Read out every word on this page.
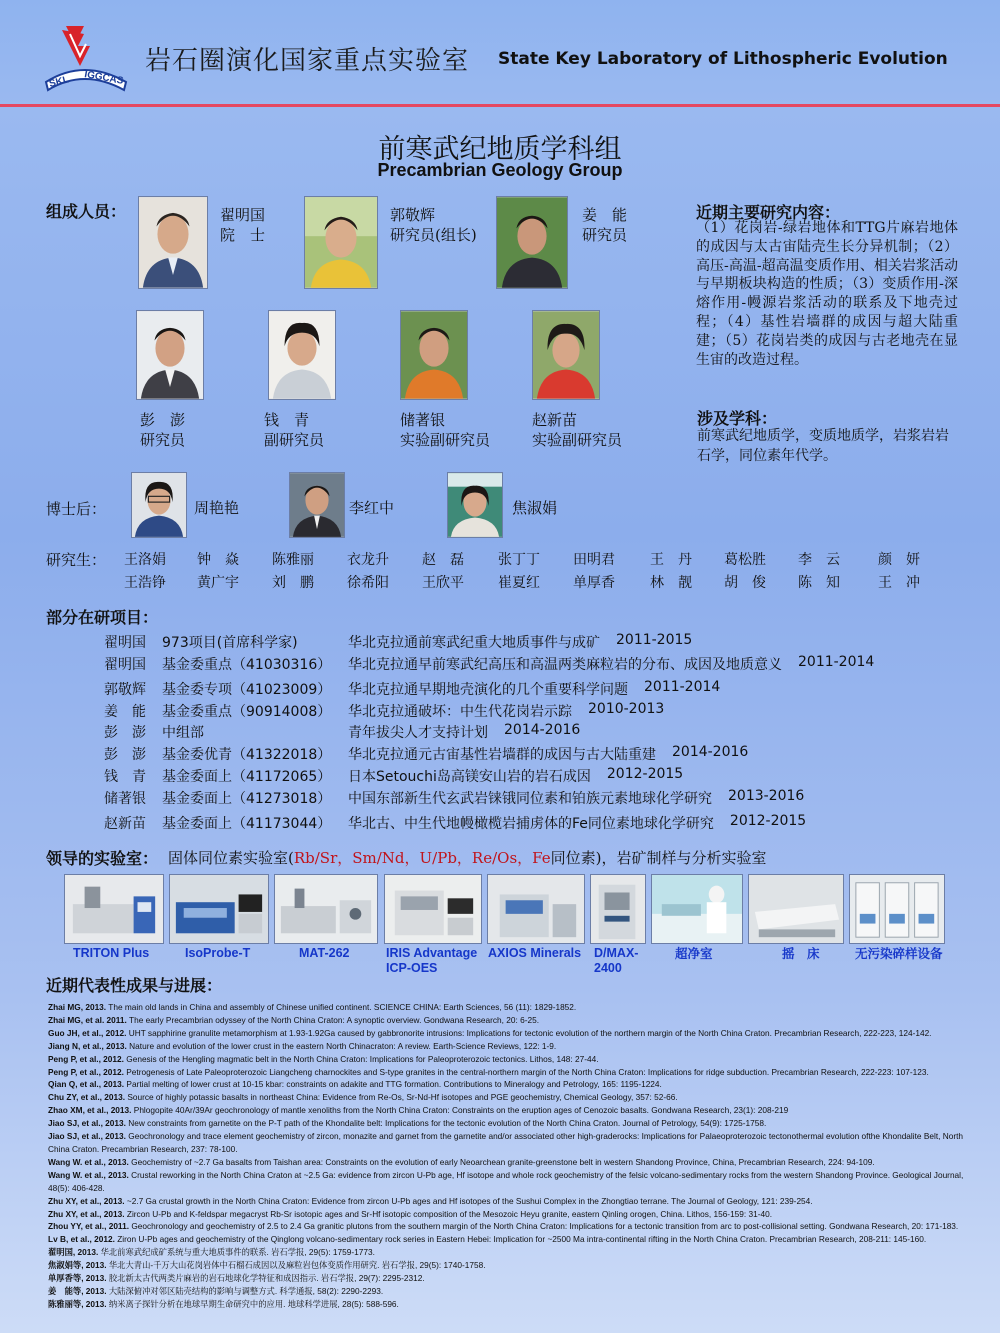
SKL IGGCAS
岩石圈演化国家重点实验室 State Key Laboratory of Lithospheric Evolution
前寒武纪地质学科组
Precambrian Geology Group
组成人员：	翟明国
院　士
郭敬辉
研究员(组长)
姜　能
研究员
彭　澎
研究员
钱　青
副研究员
储著银
实验副研究员
赵新苗
实验副研究员
近期主要研究内容：
（1）花岗岩-绿岩地体和TTG片麻岩地体的成因与太古宙陆壳生长分异机制；（2）高压-高温-超高温变质作用、相关岩浆活动与早期板块构造的性质；（3）变质作用-深熔作用-幔源岩浆活动的联系及下地壳过程；（4）基性岩墙群的成因与超大陆重建；（5）花岗岩类的成因与古老地壳在显生宙的改造过程。
涉及学科：
前寒武纪地质学，变质地质学，岩浆岩岩石学，同位素年代学。
博士后：	周艳艳	李红中	焦淑娟
研究生： 王洛娟 钟　焱 陈雅丽 衣龙升 赵　磊 张丁丁 田明君	王　丹 葛松胜 李　云	颜　妍
王浩铮 黄广宇 刘　鹏 徐希阳 王欣平 崔夏红 单厚香	林　靓 胡　俊 陈　知	王　冲
部分在研项目：
翟明国 973项目(首席科学家)	华北克拉通前寒武纪重大地质事件与成矿 2011-2015
翟明国 基金委重点（41030316） 华北克拉通早前寒武纪高压和高温两类麻粒岩的分布、成因及地质意义 2011-2014
郭敬辉 基金委专项（41023009） 华北克拉通早期地壳演化的几个重要科学问题 2011-2014
姜　能 基金委重点（90914008） 华北克拉通破坏：中生代花岗岩示踪 2010-2013
彭　澎 中组部	青年拔尖人才支持计划 2014-2016
彭　澎 基金委优青（41322018） 华北克拉通元古宙基性岩墙群的成因与古大陆重建 2014-2016
钱　青 基金委面上（41172065） 日本Setouchi岛高镁安山岩的岩石成因 2012-2015
储著银 基金委面上（41273018） 中国东部新生代玄武岩铼锇同位素和铂族元素地球化学研究 2013-2016
赵新苗 基金委面上（41173044） 华北古、中生代地幔橄榄岩捕虏体的Fe同位素地球化学研究 2012-2015
领导的实验室： 固体同位素实验室(Rb/Sr，Sm/Nd，U/Pb，Re/Os，Fe同位素)，岩矿制样与分析实验室
TRITON Plus	IsoProbe-T	MAT-262	IRIS Advantage ICP-OES
AXIOS Minerals D/MAX-2400
超净室	摇　床	无污染碎样设备
近期代表性成果与进展：
Zhai MG, 2013. The main old lands in China and assembly of Chinese unified continent. SCIENCE CHINA: Earth Sciences, 56 (11): 1829-1852.
Zhai MG, et al. 2011. The early Precambrian odyssey of the North China Craton: A synoptic overview. Gondwana Research, 20: 6-25.
Guo JH, et al., 2012. UHT sapphirine granulite metamorphism at 1.93-1.92Ga caused by gabbronorite intrusions: Implications for tectonic evolution of the northern margin of the North China Craton. Precambrian Research, 222-223, 124-142.
Jiang N, et al., 2013. Nature and evolution of the lower crust in the eastern North Chinacraton: A review. Earth-Science Reviews, 122: 1-9.
Peng P, et al., 2012. Genesis of the Hengling magmatic belt in the North China Craton: Implications for Paleoproterozoic tectonics. Lithos, 148: 27-44.
Peng P, et al., 2012. Petrogenesis of Late Paleoproterozoic Liangcheng charnockites and S-type granites in the central-northern margin of the North China Craton: Implications for ridge subduction. Precambrian Research, 222-223: 107-123.
Qian Q, et al., 2013. Partial melting of lower crust at 10-15 kbar: constraints on adakite and TTG formation. Contributions to Mineralogy and Petrology, 165: 1195-1224.
Chu ZY, et al., 2013. Source of highly potassic basalts in northeast China: Evidence from Re-Os, Sr-Nd-Hf isotopes and PGE geochemistry, Chemical Geology, 357: 52-66.
Zhao XM, et al., 2013. Phlogopite 40Ar/39Ar geochronology of mantle xenoliths from the North China Craton: Constraints on the eruption ages of Cenozoic basalts. Gondwana Research, 23(1): 208-219
Jiao SJ, et al., 2013. New constraints from garnetite on the P-T path of the Khondalite belt: Implications for the tectonic evolution of the North China Craton. Journal of Petrology, 54(9): 1725-1758.
Jiao SJ, et al., 2013. Geochronology and trace element geochemistry of zircon, monazite and garnet from the garnetite and/or associated other high-graderocks: Implications for Palaeoproterozoic tectonothermal evolution ofthe Khondalite Belt, North China Craton. Precambrian Research, 237: 78-100.
Wang W. et al., 2013. Geochemistry of ~2.7 Ga basalts from Taishan area: Constraints on the evolution of early Neoarchean granite-greenstone belt in western Shandong Province, China, Precambrian Research, 224: 94-109.
Wang W. et al., 2013. Crustal reworking in the North China Craton at ~2.5 Ga: evidence from zircon U-Pb age, Hf isotope and whole rock geochemistry of the felsic volcano-sedimentary rocks from the western Shandong Province. Geological Journal, 48(5): 406-428.
Zhu XY, et al., 2013. ~2.7 Ga crustal growth in the North China Craton: Evidence from zircon U-Pb ages and Hf isotopes of the Sushui Complex in the Zhongtiao terrane. The Journal of Geology, 121: 239-254.
Zhu XY, et al., 2013. Zircon U-Pb and K-feldspar megacryst Rb-Sr isotopic ages and Sr-Hf isotopic composition of the Mesozoic Heyu granite, eastern Qinling orogen, China. Lithos, 156-159: 31-40.
Zhou YY, et al., 2011. Geochronology and geochemistry of 2.5 to 2.4 Ga granitic plutons from the southern margin of the North China Craton: Implications for a tectonic transition from arc to post-collisional setting. Gondwana Research, 20: 171-183.
Lv B, et al., 2012. Ziron U-Pb ages and geochemistry of the Qinglong volcano-sedimentary rock series in Eastern Hebei: Implication for ~2500 Ma intra-continental rifting in the North China Craton. Precambrian Research, 208-211: 145-160.
翟明国, 2013. 华北前寒武纪成矿系统与重大地质事件的联系. 岩石学报, 29(5): 1759-1773.
焦淑娟等, 2013. 华北大青山-千万大山花岗岩体中石榴石成因以及麻粒岩包体变质作用研究. 岩石学报, 29(5): 1740-1758.
单厚香等, 2013. 胶北新太古代两类片麻岩的岩石地球化学特征和成因指示. 岩石学报, 29(7): 2295-2312.
姜　能等, 2013. 大陆深俯冲对邻区陆壳结构的影响与调整方式. 科学通报, 58(2): 2290-2293.
陈雅丽等, 2013. 纳米离子探针分析在地球早期生命研究中的应用. 地球科学进展, 28(5): 588-596.
